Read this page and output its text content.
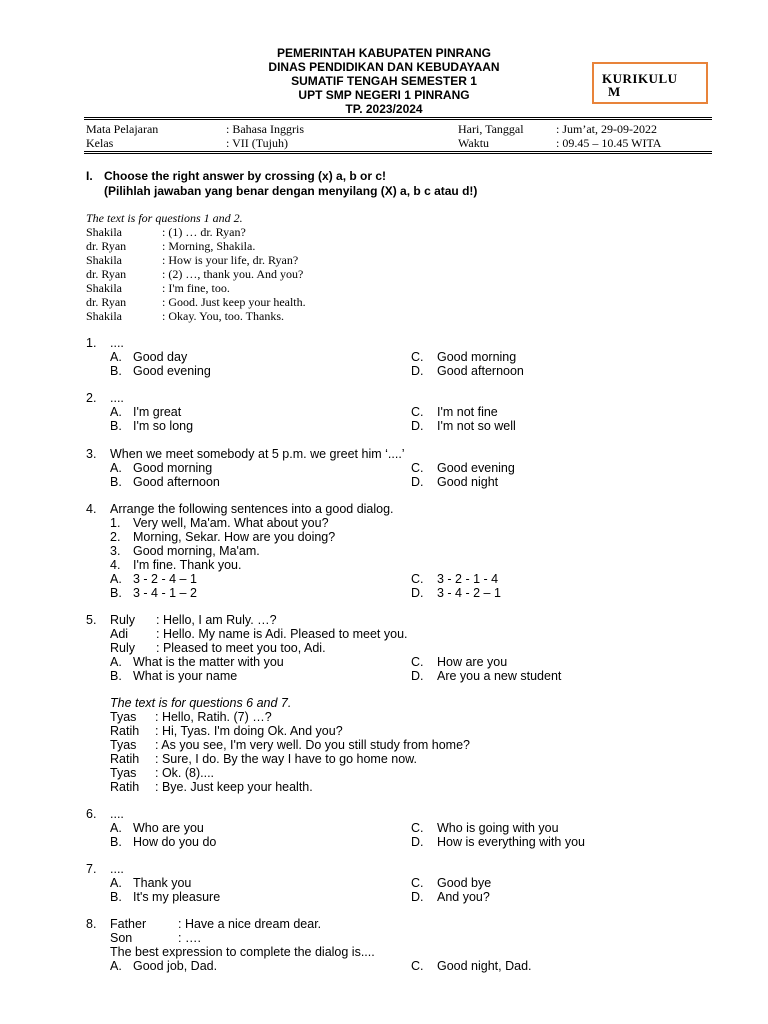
PEMERINTAH KABUPATEN PINRANG
DINAS PENDIDIKAN DAN KEBUDAYAAN
SUMATIF TENGAH SEMESTER 1
UPT SMP NEGERI 1 PINRANG
TP. 2023/2024
KURIKULU
M
Mata Pelajaran	: Bahasa Inggris	Hari, Tanggal	: Jum’at, 29-09-2022
Kelas	: VII (Tujuh)	Waktu	: 09.45 – 10.45 WITA
I. Choose the right answer by crossing (x) a, b or c!
(Pilihlah jawaban yang benar dengan menyilang (X) a, b c atau d!)
The text is for questions 1 and 2.
Shakila	: (1) … dr. Ryan?
dr. Ryan	: Morning, Shakila.
Shakila	: How is your life, dr. Ryan?
dr. Ryan	: (2) …, thank you. And you?
Shakila	: I'm fine, too.
dr. Ryan	: Good. Just keep your health.
Shakila	: Okay. You, too. Thanks.
1. ....
A. Good day	C. Good morning
B. Good evening	D. Good afternoon
2. ....
A. I'm great	C. I'm not fine
B. I'm so long	D. I'm not so well
3. When we meet somebody at 5 p.m. we greet him ‘....’
A. Good morning	C. Good evening
B. Good afternoon	D. Good night
4. Arrange the following sentences into a good dialog.
1. Very well, Ma'am. What about you?
2. Morning, Sekar. How are you doing?
3. Good morning, Ma'am.
4. I'm fine. Thank you.
A. 3 - 2 - 4 – 1	C. 3 - 2 - 1 - 4
B. 3 - 4 - 1 – 2	D. 3 - 4 - 2 – 1
5. Ruly : Hello, I am Ruly. …?
Adi : Hello. My name is Adi. Pleased to meet you.
Ruly : Pleased to meet you too, Adi.
A. What is the matter with you	C. How are you
B. What is your name	D. Are you a new student
The text is for questions 6 and 7.
Tyas : Hello, Ratih. (7) …?
Ratih : Hi, Tyas. I'm doing Ok. And you?
Tyas : As you see, I'm very well. Do you still study from home?
Ratih : Sure, I do. By the way I have to go home now.
Tyas : Ok. (8)....
Ratih : Bye. Just keep your health.
6. ....
A. Who are you	C. Who is going with you
B. How do you do	D. How is everything with you
7. ....
A. Thank you	C. Good bye
B. It's my pleasure	D. And you?
8. Father	: Have a nice dream dear.
Son	: ….
The best expression to complete the dialog is....
A. Good job, Dad.	C. Good night, Dad.
